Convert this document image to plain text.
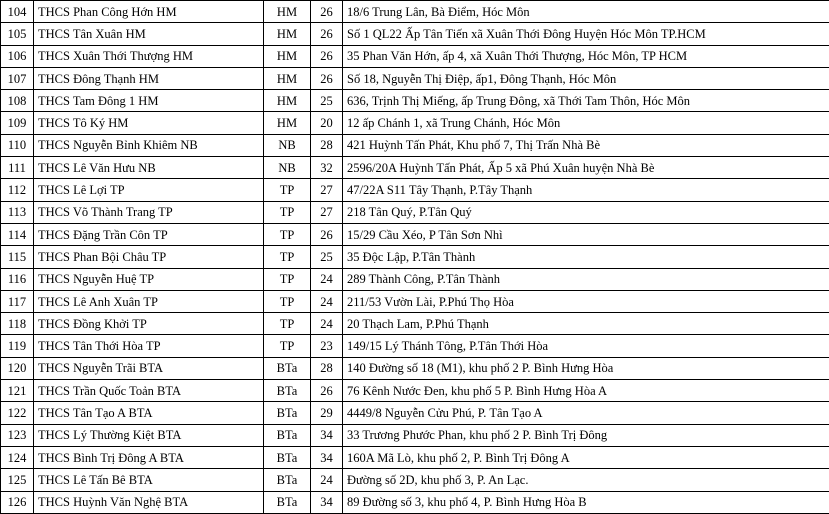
104	THCS Phan Công Hớn HM	HM	26	18/6 Trung Lân, Bà Điểm, Hóc Môn
105	THCS Tân Xuân HM	HM	26	Số 1 QL22 Ấp Tân Tiến xã Xuân Thới Đông Huyện Hóc Môn TP.HCM
106	THCS Xuân Thới Thượng HM	HM	26	35 Phan Văn Hớn, ấp 4, xã Xuân Thới Thượng, Hóc Môn, TP HCM
107	THCS Đông Thạnh HM	HM	26	Số 18, Nguyễn Thị Điệp, ấp1, Đông Thạnh, Hóc Môn
108	THCS Tam Đông 1 HM	HM	25	636, Trịnh Thị Miếng, ấp Trung Đông, xã Thới Tam Thôn, Hóc Môn
109	THCS Tô Ký HM	HM	20	12 ấp Chánh 1, xã Trung Chánh, Hóc Môn
110	THCS Nguyễn Bỉnh Khiêm NB	NB	28	421 Huỳnh Tấn Phát, Khu phố 7, Thị Trấn Nhà Bè
111	THCS Lê Văn Hưu NB	NB	32	2596/20A Huỳnh Tấn Phát, Ấp 5 xã Phú Xuân huyện Nhà Bè
112	THCS Lê Lợi TP	TP	27	47/22A S11 Tây Thạnh, P.Tây Thạnh
113	THCS Võ Thành Trang TP	TP	27	218 Tân Quý, P.Tân Quý
114	THCS Đặng Trần Côn TP	TP	26	15/29 Cầu Xéo, P Tân Sơn Nhì
115	THCS Phan Bội Châu TP	TP	25	35 Độc Lập, P.Tân Thành
116	THCS Nguyễn Huệ TP	TP	24	289 Thành Công, P.Tân Thành
117	THCS Lê Anh Xuân TP	TP	24	211/53 Vườn Lài, P.Phú Thọ Hòa
118	THCS Đồng Khởi TP	TP	24	20 Thạch Lam, P.Phú Thạnh
119	THCS Tân Thới Hòa TP	TP	23	149/15 Lý Thánh Tông, P.Tân Thới Hòa
120	THCS Nguyễn Trãi BTA	BTa	28	140 Đường số 18 (M1), khu phố 2 P. Bình Hưng Hòa
121	THCS Trần Quốc Toản BTA	BTa	26	76 Kênh Nước Đen, khu phố 5 P. Bình Hưng Hòa A
122	THCS Tân Tạo A BTA	BTa	29	4449/8 Nguyễn Cửu Phú, P. Tân Tạo A
123	THCS Lý Thường Kiệt BTA	BTa	34	33 Trương Phước Phan, khu phố 2 P. Bình Trị Đông
124	THCS Bình Trị Đông A BTA	BTa	34	160A Mã Lò, khu phố 2, P. Bình Trị Đông A
125	THCS Lê Tấn Bê BTA	BTa	24	Đường số 2D, khu phố 3, P. An Lạc.
126	THCS Huỳnh Văn Nghệ BTA	BTa	34	89 Đường số 3, khu phố 4, P. Bình Hưng Hòa B
